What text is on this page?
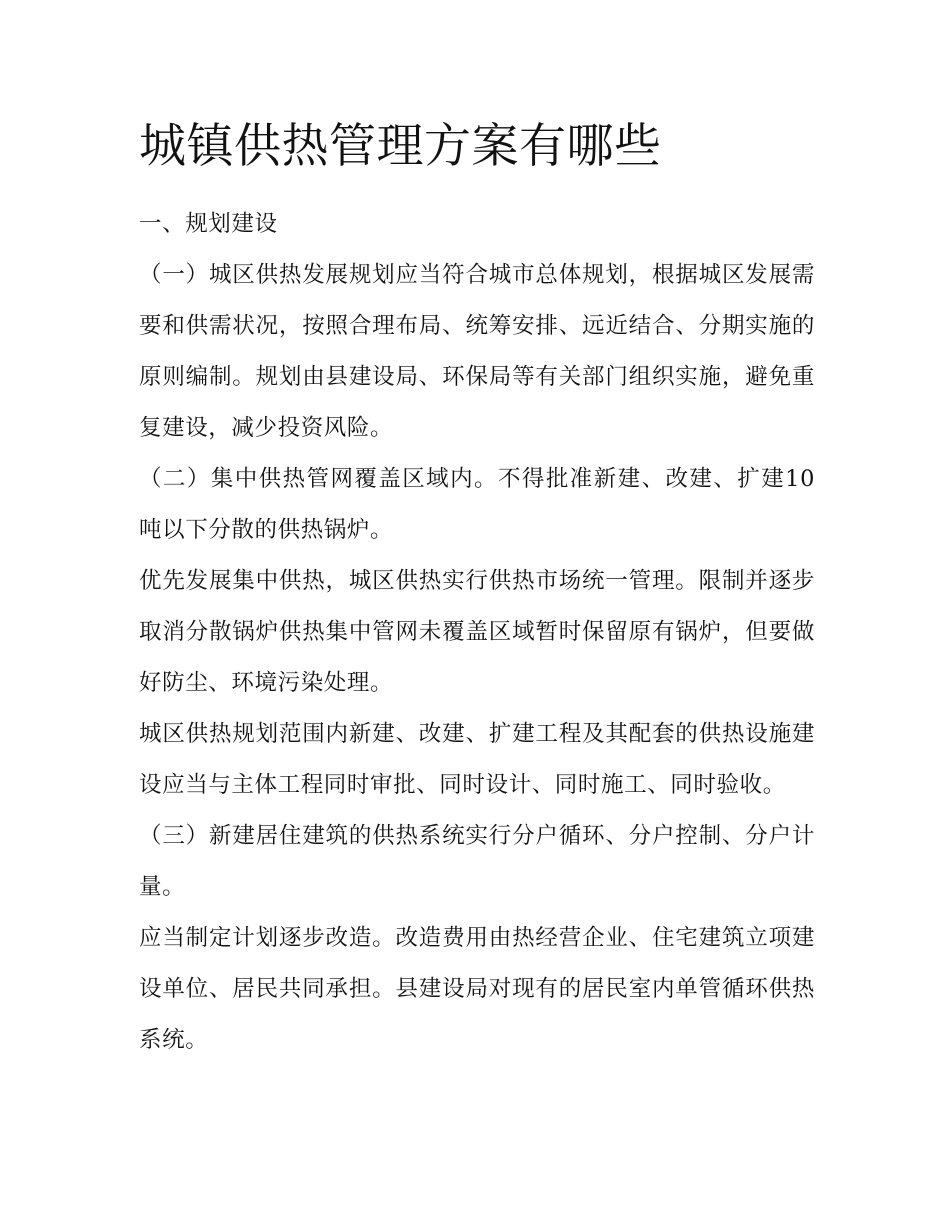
城镇供热管理方案有哪些

一、规划建设

（一）城区供热发展规划应当符合城市总体规划，根据城区发展需要和供需状况，按照合理布局、统筹安排、远近结合、分期实施的原则编制。规划由县建设局、环保局等有关部门组织实施，避免重复建设，减少投资风险。

（二）集中供热管网覆盖区域内。不得批准新建、改建、扩建10吨以下分散的供热锅炉。

优先发展集中供热，城区供热实行供热市场统一管理。限制并逐步取消分散锅炉供热集中管网未覆盖区域暂时保留原有锅炉，但要做好防尘、环境污染处理。

城区供热规划范围内新建、改建、扩建工程及其配套的供热设施建设应当与主体工程同时审批、同时设计、同时施工、同时验收。

（三）新建居住建筑的供热系统实行分户循环、分户控制、分户计量。

应当制定计划逐步改造。改造费用由热经营企业、住宅建筑立项建设单位、居民共同承担。县建设局对现有的居民室内单管循环供热系统。
